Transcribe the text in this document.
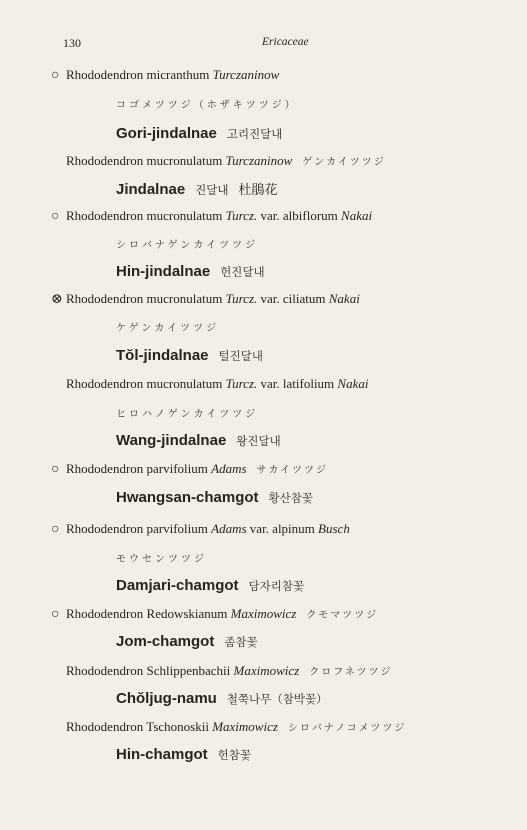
130	Ericaceae
○ Rhododendron micranthum Turczaninow
コゴメツツジ（ホザキツツジ）
Gori-jindalnae 고리진달내
Rhododendron mucronulatum Turczaninow ゲンカイツツジ
Jindalnae 진달내 杜鵑花
○ Rhododendron mucronulatum Turcz. var. albiflorum Nakai
シロバナゲンカイツツジ
Hin-jindalnae 헌진달내
⊗ Rhododendron mucronulatum Turcz. var. ciliatum Nakai
ケゲンカイツツジ
Tŏl-jindalnae 털진달내
Rhododendron mucronulatum Turcz. var. latifolium Nakai
ヒロハノゲンカイツツジ
Wang-jindalnae 왕진달내
○ Rhododendron parvifolium Adams サカイツツジ
Hwangsan-chamgot 황산참꽃
○ Rhododendron parvifolium Adams var. alpinum Busch
モウセンツツジ
Damjari-chamgot 담자리참꽃
○ Rhododendron Redowskianum Maximowicz クモマツツジ
Jom-chamgot 좀참꽃
Rhododendron Schlippenbachii Maximowicz クロフネツツジ
Chŏljug-namu 철쭉나무（참박꽃）
Rhododendron Tschonoskii Maximowicz シロバナノコメツツジ
Hin-chamgot 헌참꽃
